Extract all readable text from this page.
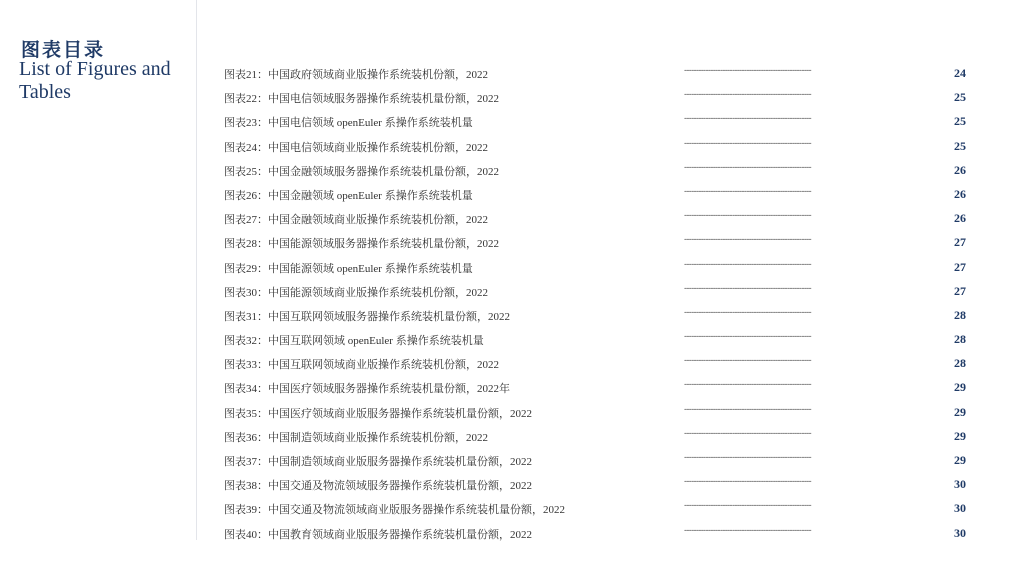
图表目录
List of Figures and Tables
图表21：中国政府领域商业版操作系统装机份额，2022	-----------------------------------------------------	24
图表22：中国电信领域服务器操作系统装机量份额，2022	-----------------------------------------------------	25
图表23：中国电信领域 openEuler 系操作系统装机量	-----------------------------------------------------	25
图表24：中国电信领域商业版操作系统装机份额，2022	-----------------------------------------------------	25
图表25：中国金融领域服务器操作系统装机量份额，2022	-----------------------------------------------------	26
图表26：中国金融领域 openEuler 系操作系统装机量	-----------------------------------------------------	26
图表27：中国金融领域商业版操作系统装机份额，2022	-----------------------------------------------------	26
图表28：中国能源领域服务器操作系统装机量份额，2022	-----------------------------------------------------	27
图表29：中国能源领域 openEuler 系操作系统装机量	-----------------------------------------------------	27
图表30：中国能源领域商业版操作系统装机份额，2022	-----------------------------------------------------	27
图表31：中国互联网领域服务器操作系统装机量份额，2022	-----------------------------------------------------	28
图表32：中国互联网领域 openEuler 系操作系统装机量	-----------------------------------------------------	28
图表33：中国互联网领域商业版操作系统装机份额，2022	-----------------------------------------------------	28
图表34：中国医疗领域服务器操作系统装机量份额，2022年	-----------------------------------------------------	29
图表35：中国医疗领域商业版服务器操作系统装机量份额，2022	-----------------------------------------------------	29
图表36：中国制造领域商业版操作系统装机份额，2022	-----------------------------------------------------	29
图表37：中国制造领域商业版服务器操作系统装机量份额，2022	-----------------------------------------------------	29
图表38：中国交通及物流领域服务器操作系统装机量份额，2022	-----------------------------------------------------	30
图表39：中国交通及物流领域商业版服务器操作系统装机量份额，2022	-----------------------------------------------------	30
图表40：中国教育领域商业版服务器操作系统装机量份额，2022	-----------------------------------------------------	30
